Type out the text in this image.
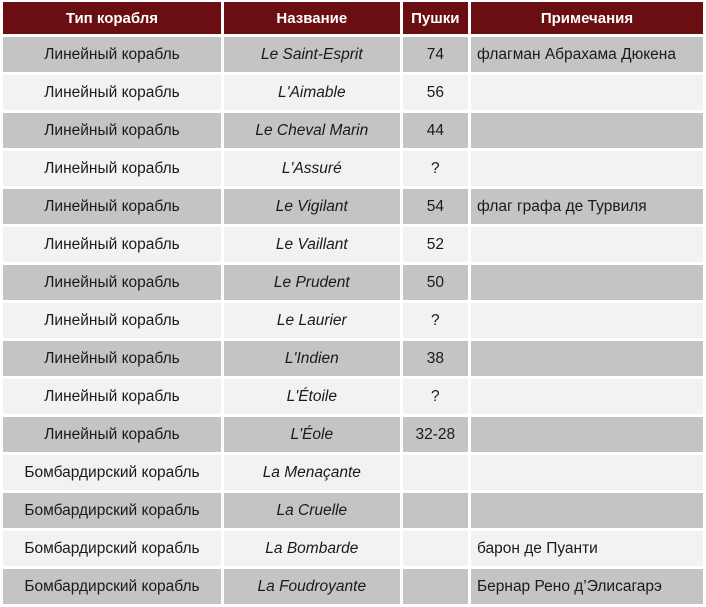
Тип корабля	Название	Пушки	Примечания
Линейный корабль	Le Saint-Esprit	74	флагман Абрахама Дюкена
Линейный корабль	L'Aimable	56	
Линейный корабль	Le Cheval Marin	44	
Линейный корабль	L'Assuré	?	
Линейный корабль	Le Vigilant	54	флаг графа де Турвиля
Линейный корабль	Le Vaillant	52	
Линейный корабль	Le Prudent	50	
Линейный корабль	Le Laurier	?	
Линейный корабль	L'Indien	38	
Линейный корабль	L'Étoile	?	
Линейный корабль	L'Éole	32-28	
Бомбардирский корабль	La Menaçante		
Бомбардирский корабль	La Cruelle		
Бомбардирский корабль	La Bombarde		барон де Пуанти
Бомбардирский корабль	La Foudroyante		Бернар Рено д’Элисагарэ
